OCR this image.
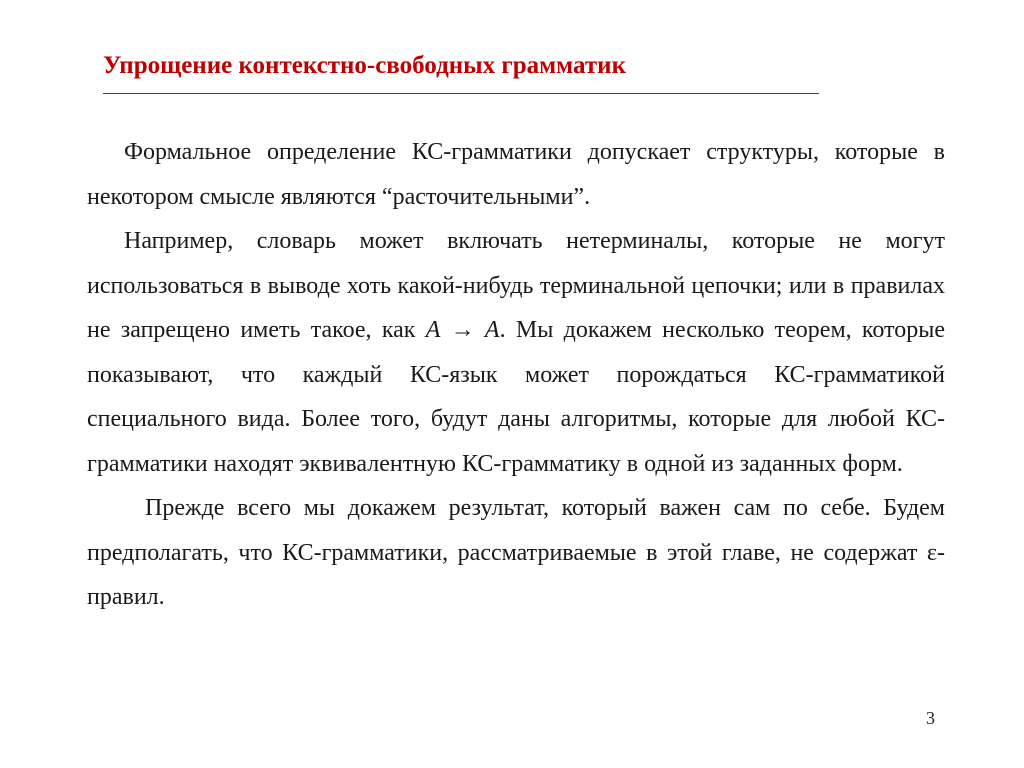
Упрощение контекстно-свободных грамматик

Формальное определение КС-грамматики допускает структуры, которые в некотором смысле являются “расточительными”.

Например, словарь может включать нетерминалы, которые не могут использоваться в выводе хоть какой-нибудь терминальной цепочки; или в правилах не запрещено иметь такое, как A → A. Мы докажем несколько теорем, которые показывают, что каждый КС-язык может порождаться КС-грамматикой специального вида. Более того, будут даны алгоритмы, которые для любой КС-грамматики находят эквивалентную КС-грамматику в одной из заданных форм.

Прежде всего мы докажем результат, который важен сам по себе. Будем предполагать, что КС-грамматики, рассматриваемые в этой главе, не содержат ε-правил.

3
